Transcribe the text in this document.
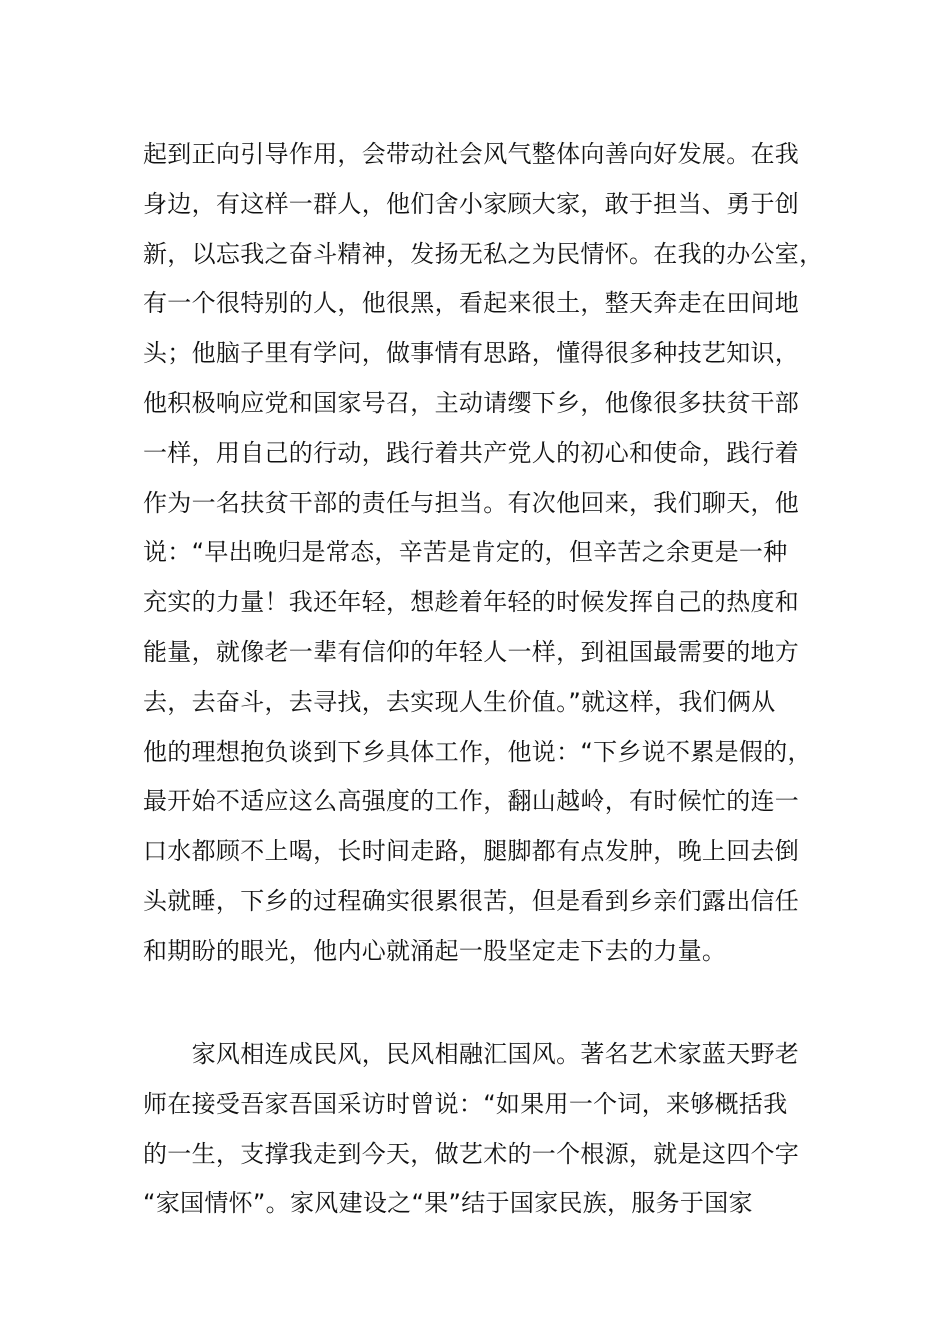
起到正向引导作用，会带动社会风气整体向善向好发展。在我
身边，有这样一群人，他们舍小家顾大家，敢于担当、勇于创
新，以忘我之奋斗精神，发扬无私之为民情怀。在我的办公室，
有一个很特别的人，他很黑，看起来很土，整天奔走在田间地
头；他脑子里有学问，做事情有思路，懂得很多种技艺知识，
他积极响应党和国家号召，主动请缨下乡，他像很多扶贫干部
一样，用自己的行动，践行着共产党人的初心和使命，践行着
作为一名扶贫干部的责任与担当。有次他回来，我们聊天，他
说：“早出晚归是常态，辛苦是肯定的，但辛苦之余更是一种
充实的力量！我还年轻，想趁着年轻的时候发挥自己的热度和
能量，就像老一辈有信仰的年轻人一样，到祖国最需要的地方
去，去奋斗，去寻找，去实现人生价值。”就这样，我们俩从
他的理想抱负谈到下乡具体工作，他说：“下乡说不累是假的，
最开始不适应这么高强度的工作，翻山越岭，有时候忙的连一
口水都顾不上喝，长时间走路，腿脚都有点发肿，晚上回去倒
头就睡，下乡的过程确实很累很苦，但是看到乡亲们露出信任
和期盼的眼光，他内心就涌起一股坚定走下去的力量。
　　家风相连成民风，民风相融汇国风。著名艺术家蓝天野老
师在接受吾家吾国采访时曾说：“如果用一个词，来够概括我
的一生，支撑我走到今天，做艺术的一个根源，就是这四个字
“家国情怀”。家风建设之“果”结于国家民族，服务于国家
